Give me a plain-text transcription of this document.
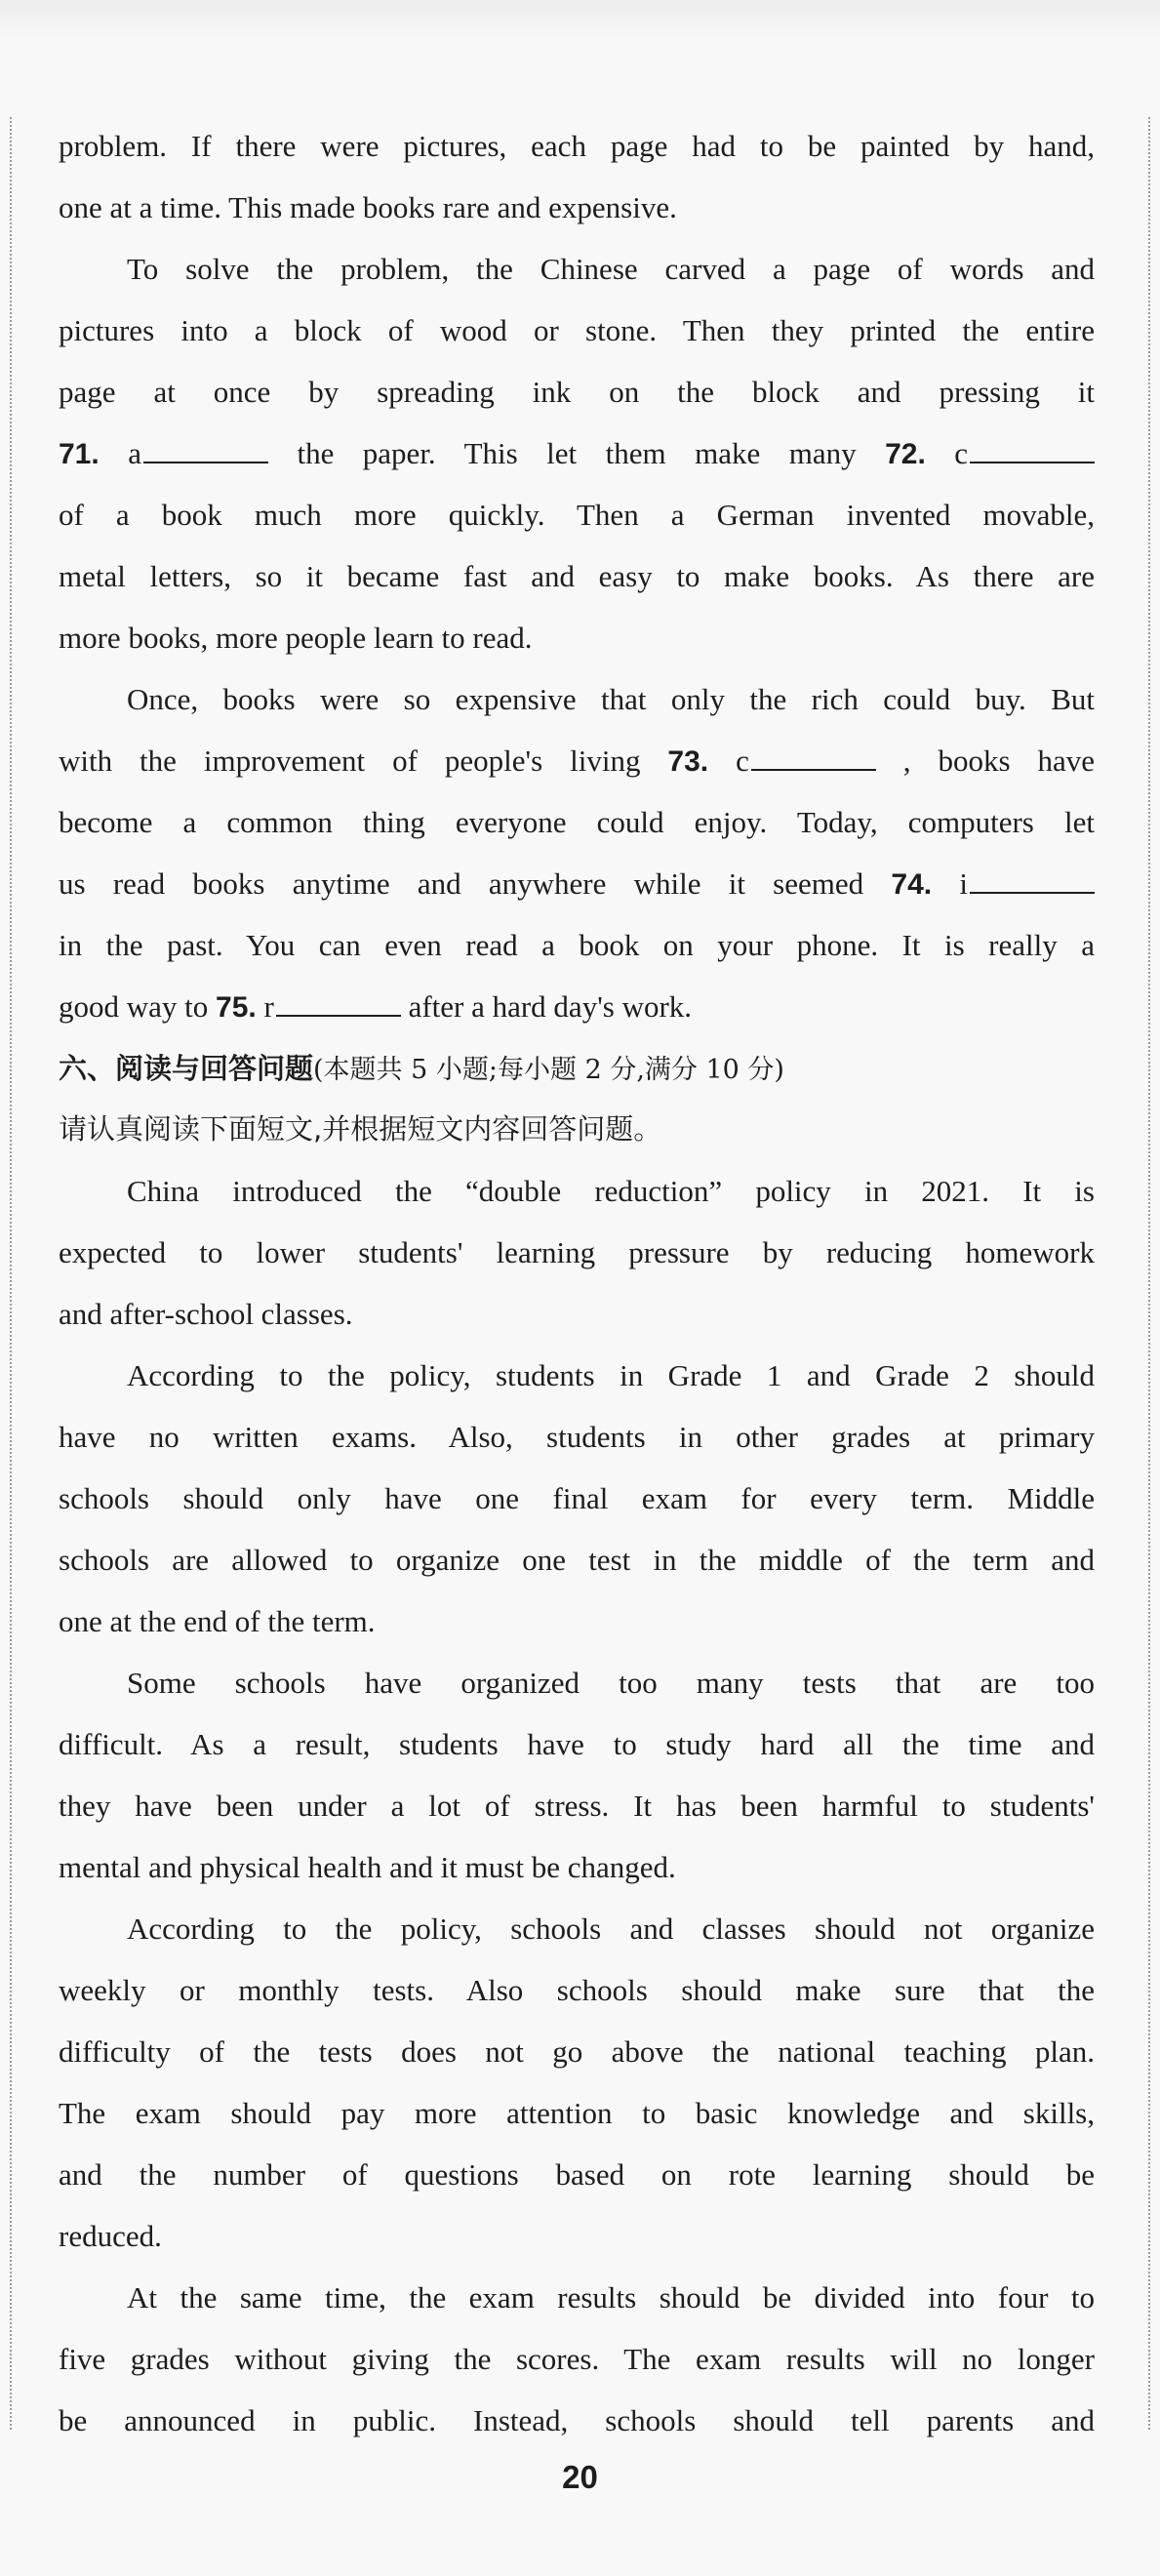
problem. If there were pictures, each page had to be painted by hand,
one at a time. This made books rare and expensive.
To solve the problem, the Chinese carved a page of words and
pictures into a block of wood or stone. Then they printed the entire
page at once by spreading ink on the block and pressing it
71. a	the paper. This let them make many 72. c
of a book much more quickly. Then a German invented movable,
metal letters, so it became fast and easy to make books. As there are
more books, more people learn to read.
Once, books were so expensive that only the rich could buy. But
with the improvement of people's living 73. c	, books have
become a common thing everyone could enjoy. Today, computers let
us read books anytime and anywhere while it seemed 74. i
in the past. You can even read a book on your phone. It is really a
good way to 75. r	after a hard day's work.
六、阅读与回答问题(本题共 5 小题;每小题 2 分,满分 10 分)
请认真阅读下面短文,并根据短文内容回答问题。
China introduced the “double reduction” policy in 2021. It is
expected to lower students' learning pressure by reducing homework
and after-school classes.
According to the policy, students in Grade 1 and Grade 2 should
have no written exams. Also, students in other grades at primary
schools should only have one final exam for every term. Middle
schools are allowed to organize one test in the middle of the term and
one at the end of the term.
Some schools have organized too many tests that are too
difficult. As a result, students have to study hard all the time and
they have been under a lot of stress. It has been harmful to students'
mental and physical health and it must be changed.
According to the policy, schools and classes should not organize
weekly or monthly tests. Also schools should make sure that the
difficulty of the tests does not go above the national teaching plan.
The exam should pay more attention to basic knowledge and skills,
and the number of questions based on rote learning should be
reduced.
At the same time, the exam results should be divided into four to
five grades without giving the scores. The exam results will no longer
be announced in public. Instead, schools should tell parents and
20
